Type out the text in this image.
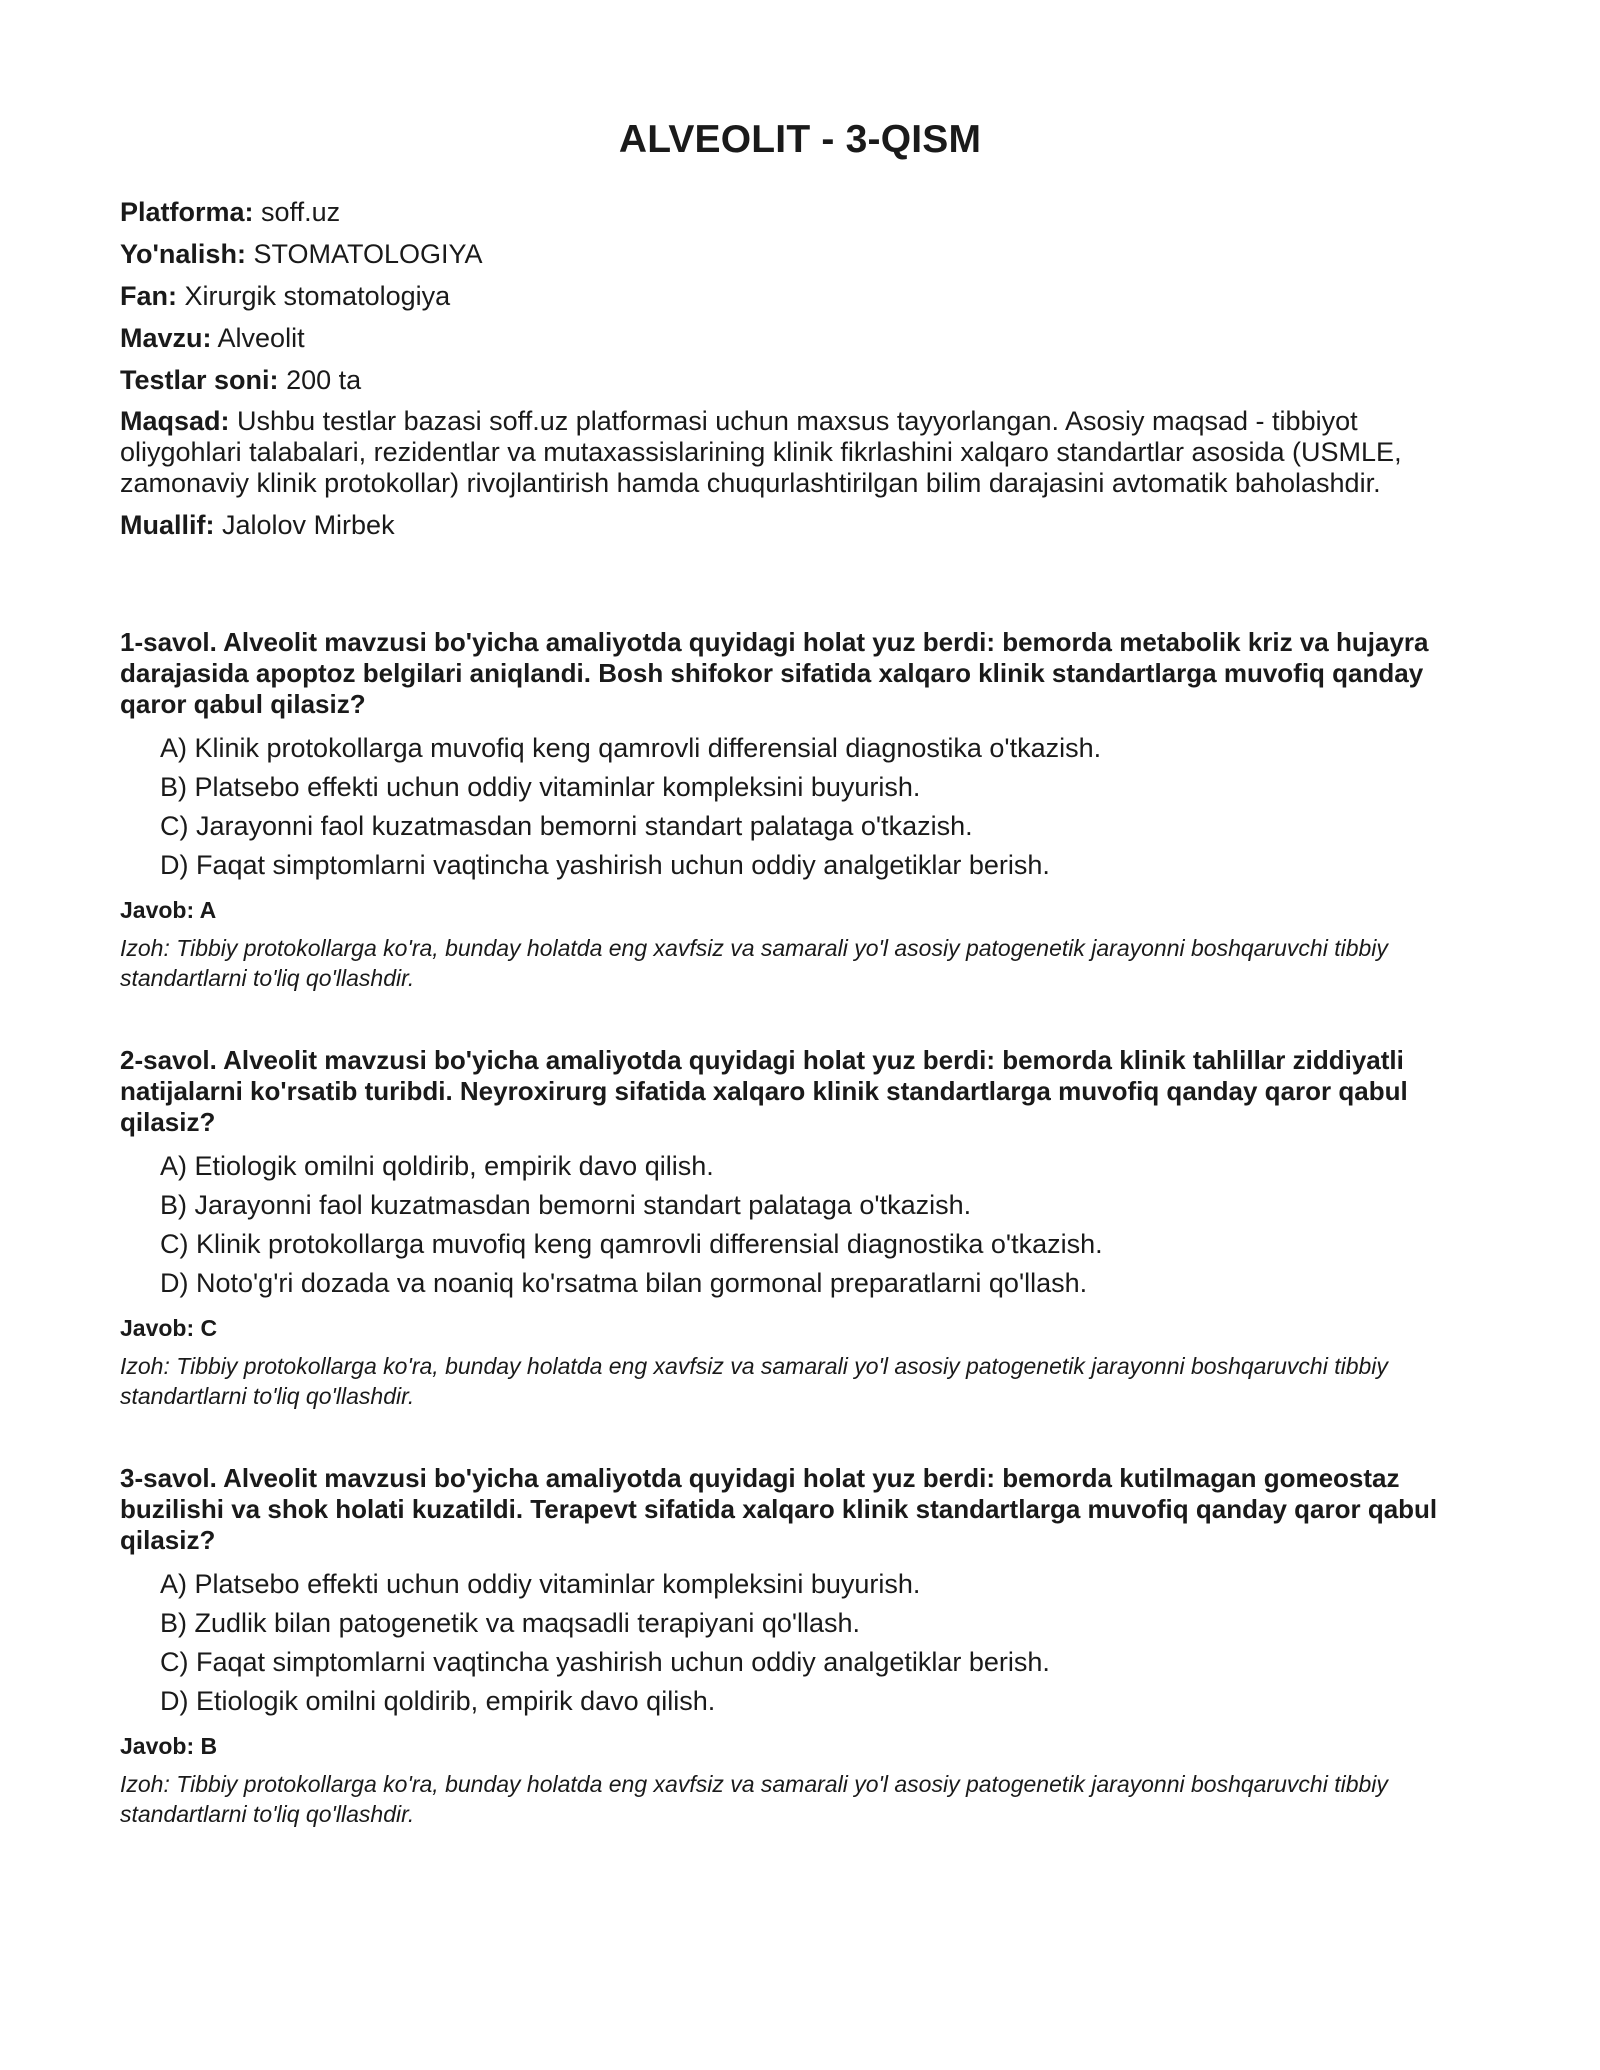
ALVEOLIT - 3-QISM

Platforma: soff.uz

Yo'nalish: STOMATOLOGIYA

Fan: Xirurgik stomatologiya

Mavzu: Alveolit

Testlar soni: 200 ta

Maqsad: Ushbu testlar bazasi soff.uz platformasi uchun maxsus tayyorlangan. Asosiy maqsad - tibbiyot oliygohlari talabalari, rezidentlar va mutaxassislarining klinik fikrlashini xalqaro standartlar asosida (USMLE, zamonaviy klinik protokollar) rivojlantirish hamda chuqurlashtirilgan bilim darajasini avtomatik baholashdir.

Muallif: Jalolov Mirbek

1-savol. Alveolit mavzusi bo'yicha amaliyotda quyidagi holat yuz berdi: bemorda metabolik kriz va hujayra darajasida apoptoz belgilari aniqlandi. Bosh shifokor sifatida xalqaro klinik standartlarga muvofiq qanday qaror qabul qilasiz?

A) Klinik protokollarga muvofiq keng qamrovli differensial diagnostika o'tkazish.
B) Platsebo effekti uchun oddiy vitaminlar kompleksini buyurish.
C) Jarayonni faol kuzatmasdan bemorni standart palataga o'tkazish.
D) Faqat simptomlarni vaqtincha yashirish uchun oddiy analgetiklar berish.

Javob: A

Izoh: Tibbiy protokollarga ko'ra, bunday holatda eng xavfsiz va samarali yo'l asosiy patogenetik jarayonni boshqaruvchi tibbiy standartlarni to'liq qo'llashdir.

2-savol. Alveolit mavzusi bo'yicha amaliyotda quyidagi holat yuz berdi: bemorda klinik tahlillar ziddiyatli natijalarni ko'rsatib turibdi. Neyroxirurg sifatida xalqaro klinik standartlarga muvofiq qanday qaror qabul qilasiz?

A) Etiologik omilni qoldirib, empirik davo qilish.
B) Jarayonni faol kuzatmasdan bemorni standart palataga o'tkazish.
C) Klinik protokollarga muvofiq keng qamrovli differensial diagnostika o'tkazish.
D) Noto'g'ri dozada va noaniq ko'rsatma bilan gormonal preparatlarni qo'llash.

Javob: C

Izoh: Tibbiy protokollarga ko'ra, bunday holatda eng xavfsiz va samarali yo'l asosiy patogenetik jarayonni boshqaruvchi tibbiy standartlarni to'liq qo'llashdir.

3-savol. Alveolit mavzusi bo'yicha amaliyotda quyidagi holat yuz berdi: bemorda kutilmagan gomeostaz buzilishi va shok holati kuzatildi. Terapevt sifatida xalqaro klinik standartlarga muvofiq qanday qaror qabul qilasiz?

A) Platsebo effekti uchun oddiy vitaminlar kompleksini buyurish.
B) Zudlik bilan patogenetik va maqsadli terapiyani qo'llash.
C) Faqat simptomlarni vaqtincha yashirish uchun oddiy analgetiklar berish.
D) Etiologik omilni qoldirib, empirik davo qilish.

Javob: B

Izoh: Tibbiy protokollarga ko'ra, bunday holatda eng xavfsiz va samarali yo'l asosiy patogenetik jarayonni boshqaruvchi tibbiy standartlarni to'liq qo'llashdir.
